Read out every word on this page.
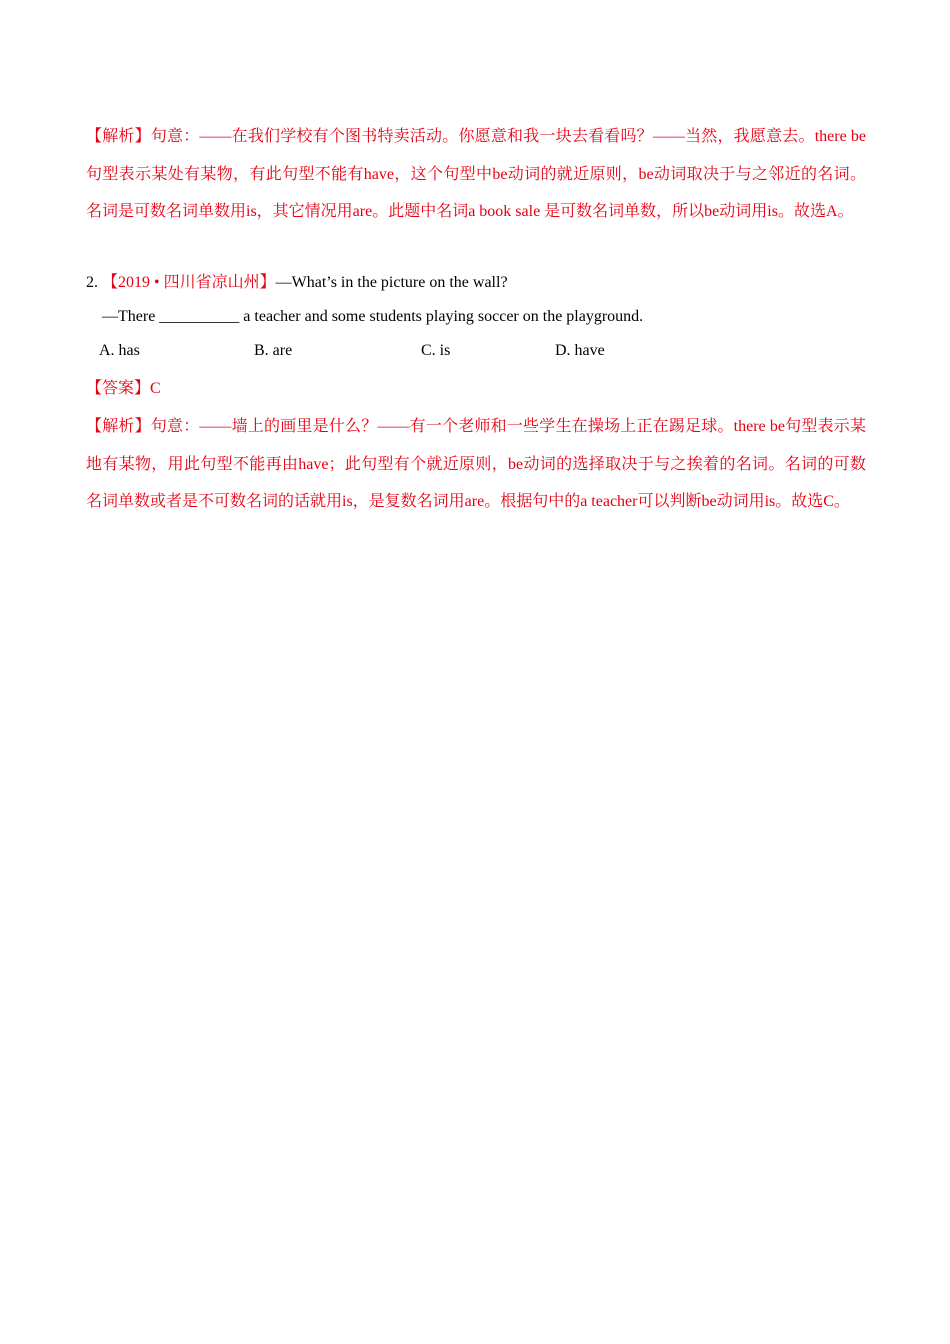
【解析】句意：——在我们学校有个图书特卖活动。你愿意和我一块去看看吗？——当然，我愿意去。there be句型表示某处有某物，有此句型不能有have，这个句型中be动词的就近原则，be动词取决于与之邻近的名词。名词是可数名词单数用is，其它情况用are。此题中名词a book sale 是可数名词单数，所以be动词用is。故选A。
2. 【2019 • 四川省凉山州】—What’s in the picture on the wall?
—There __________ a teacher and some students playing soccer on the playground.
A. has	B. are	C. is	D. have
【答案】C
【解析】句意：——墙上的画里是什么？——有一个老师和一些学生在操场上正在踢足球。there be句型表示某地有某物，用此句型不能再由have；此句型有个就近原则，be动词的选择取决于与之挨着的名词。名词的可数名词单数或者是不可数名词的话就用is，是复数名词用are。根据句中的a teacher可以判断be动词用is。故选C。
